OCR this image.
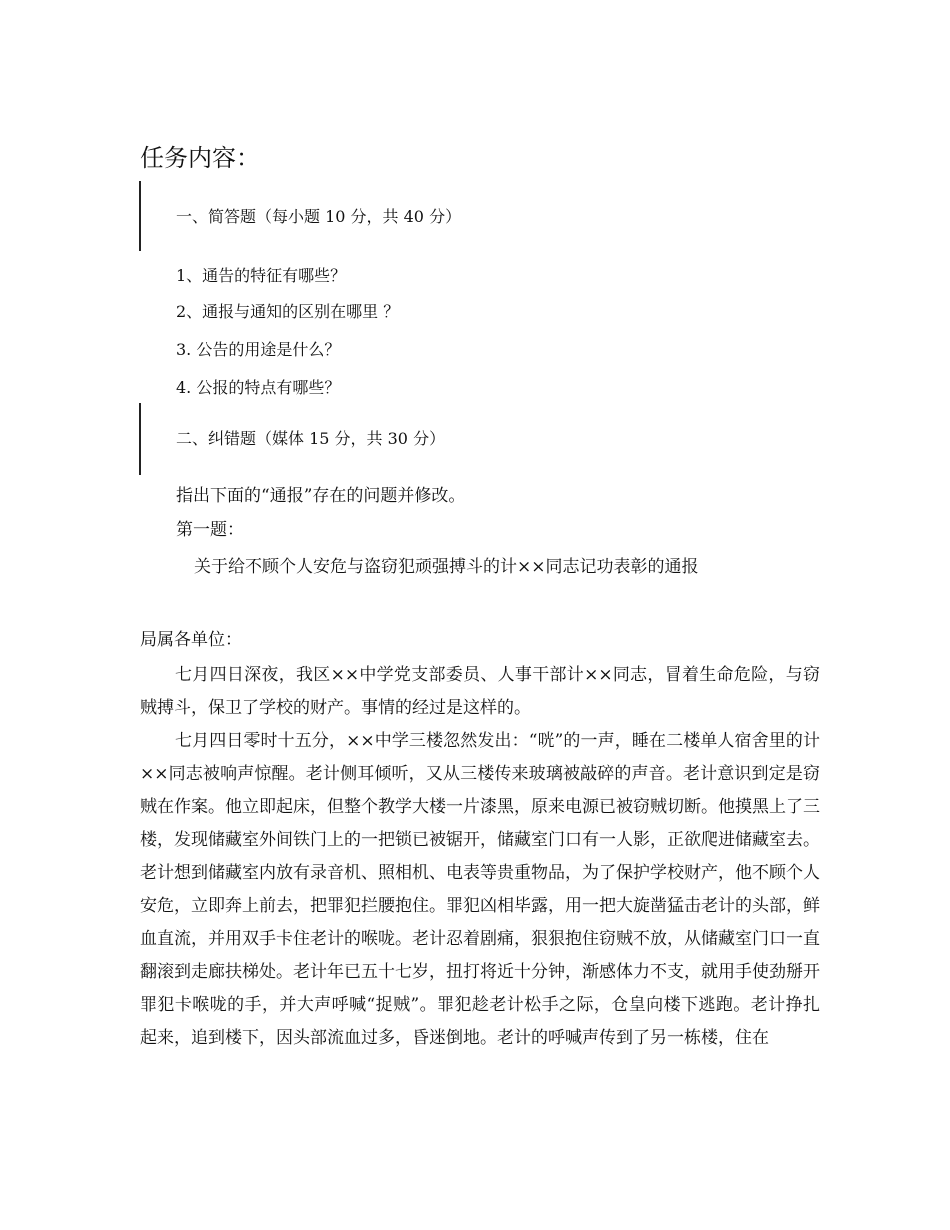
任务内容：

一、简答题（每小题 10 分，共 40 分）

1、通告的特征有哪些？

2、通报与通知的区别在哪里 ？

3. 公告的用途是什么？

4. 公报的特点有哪些？

二、纠错题（媒体 15 分，共 30 分）

指出下面的“通报”存在的问题并修改。

第一题：

关于给不顾个人安危与盗窃犯顽强搏斗的计××同志记功表彰的通报

局属各单位：

七月四日深夜，我区××中学党支部委员、人事干部计××同志，冒着生命危险，与窃贼搏斗，保卫了学校的财产。事情的经过是这样的。

七月四日零时十五分，××中学三楼忽然发出：“咣”的一声，睡在二楼单人宿舍里的计××同志被响声惊醒。老计侧耳倾听，又从三楼传来玻璃被敲碎的声音。老计意识到定是窃贼在作案。他立即起床，但整个教学大楼一片漆黑，原来电源已被窃贼切断。他摸黑上了三楼，发现储藏室外间铁门上的一把锁已被锯开，储藏室门口有一人影，正欲爬进储藏室去。老计想到储藏室内放有录音机、照相机、电表等贵重物品，为了保护学校财产，他不顾个人安危，立即奔上前去，把罪犯拦腰抱住。罪犯凶相毕露，用一把大旋凿猛击老计的头部，鲜血直流，并用双手卡住老计的喉咙。老计忍着剧痛，狠狠抱住窃贼不放，从储藏室门口一直翻滚到走廊扶梯处。老计年已五十七岁，扭打将近十分钟，渐感体力不支，就用手使劲掰开罪犯卡喉咙的手，并大声呼喊“捉贼”。罪犯趁老计松手之际，仓皇向楼下逃跑。老计挣扎起来，追到楼下，因头部流血过多，昏迷倒地。老计的呼喊声传到了另一栋楼，住在
